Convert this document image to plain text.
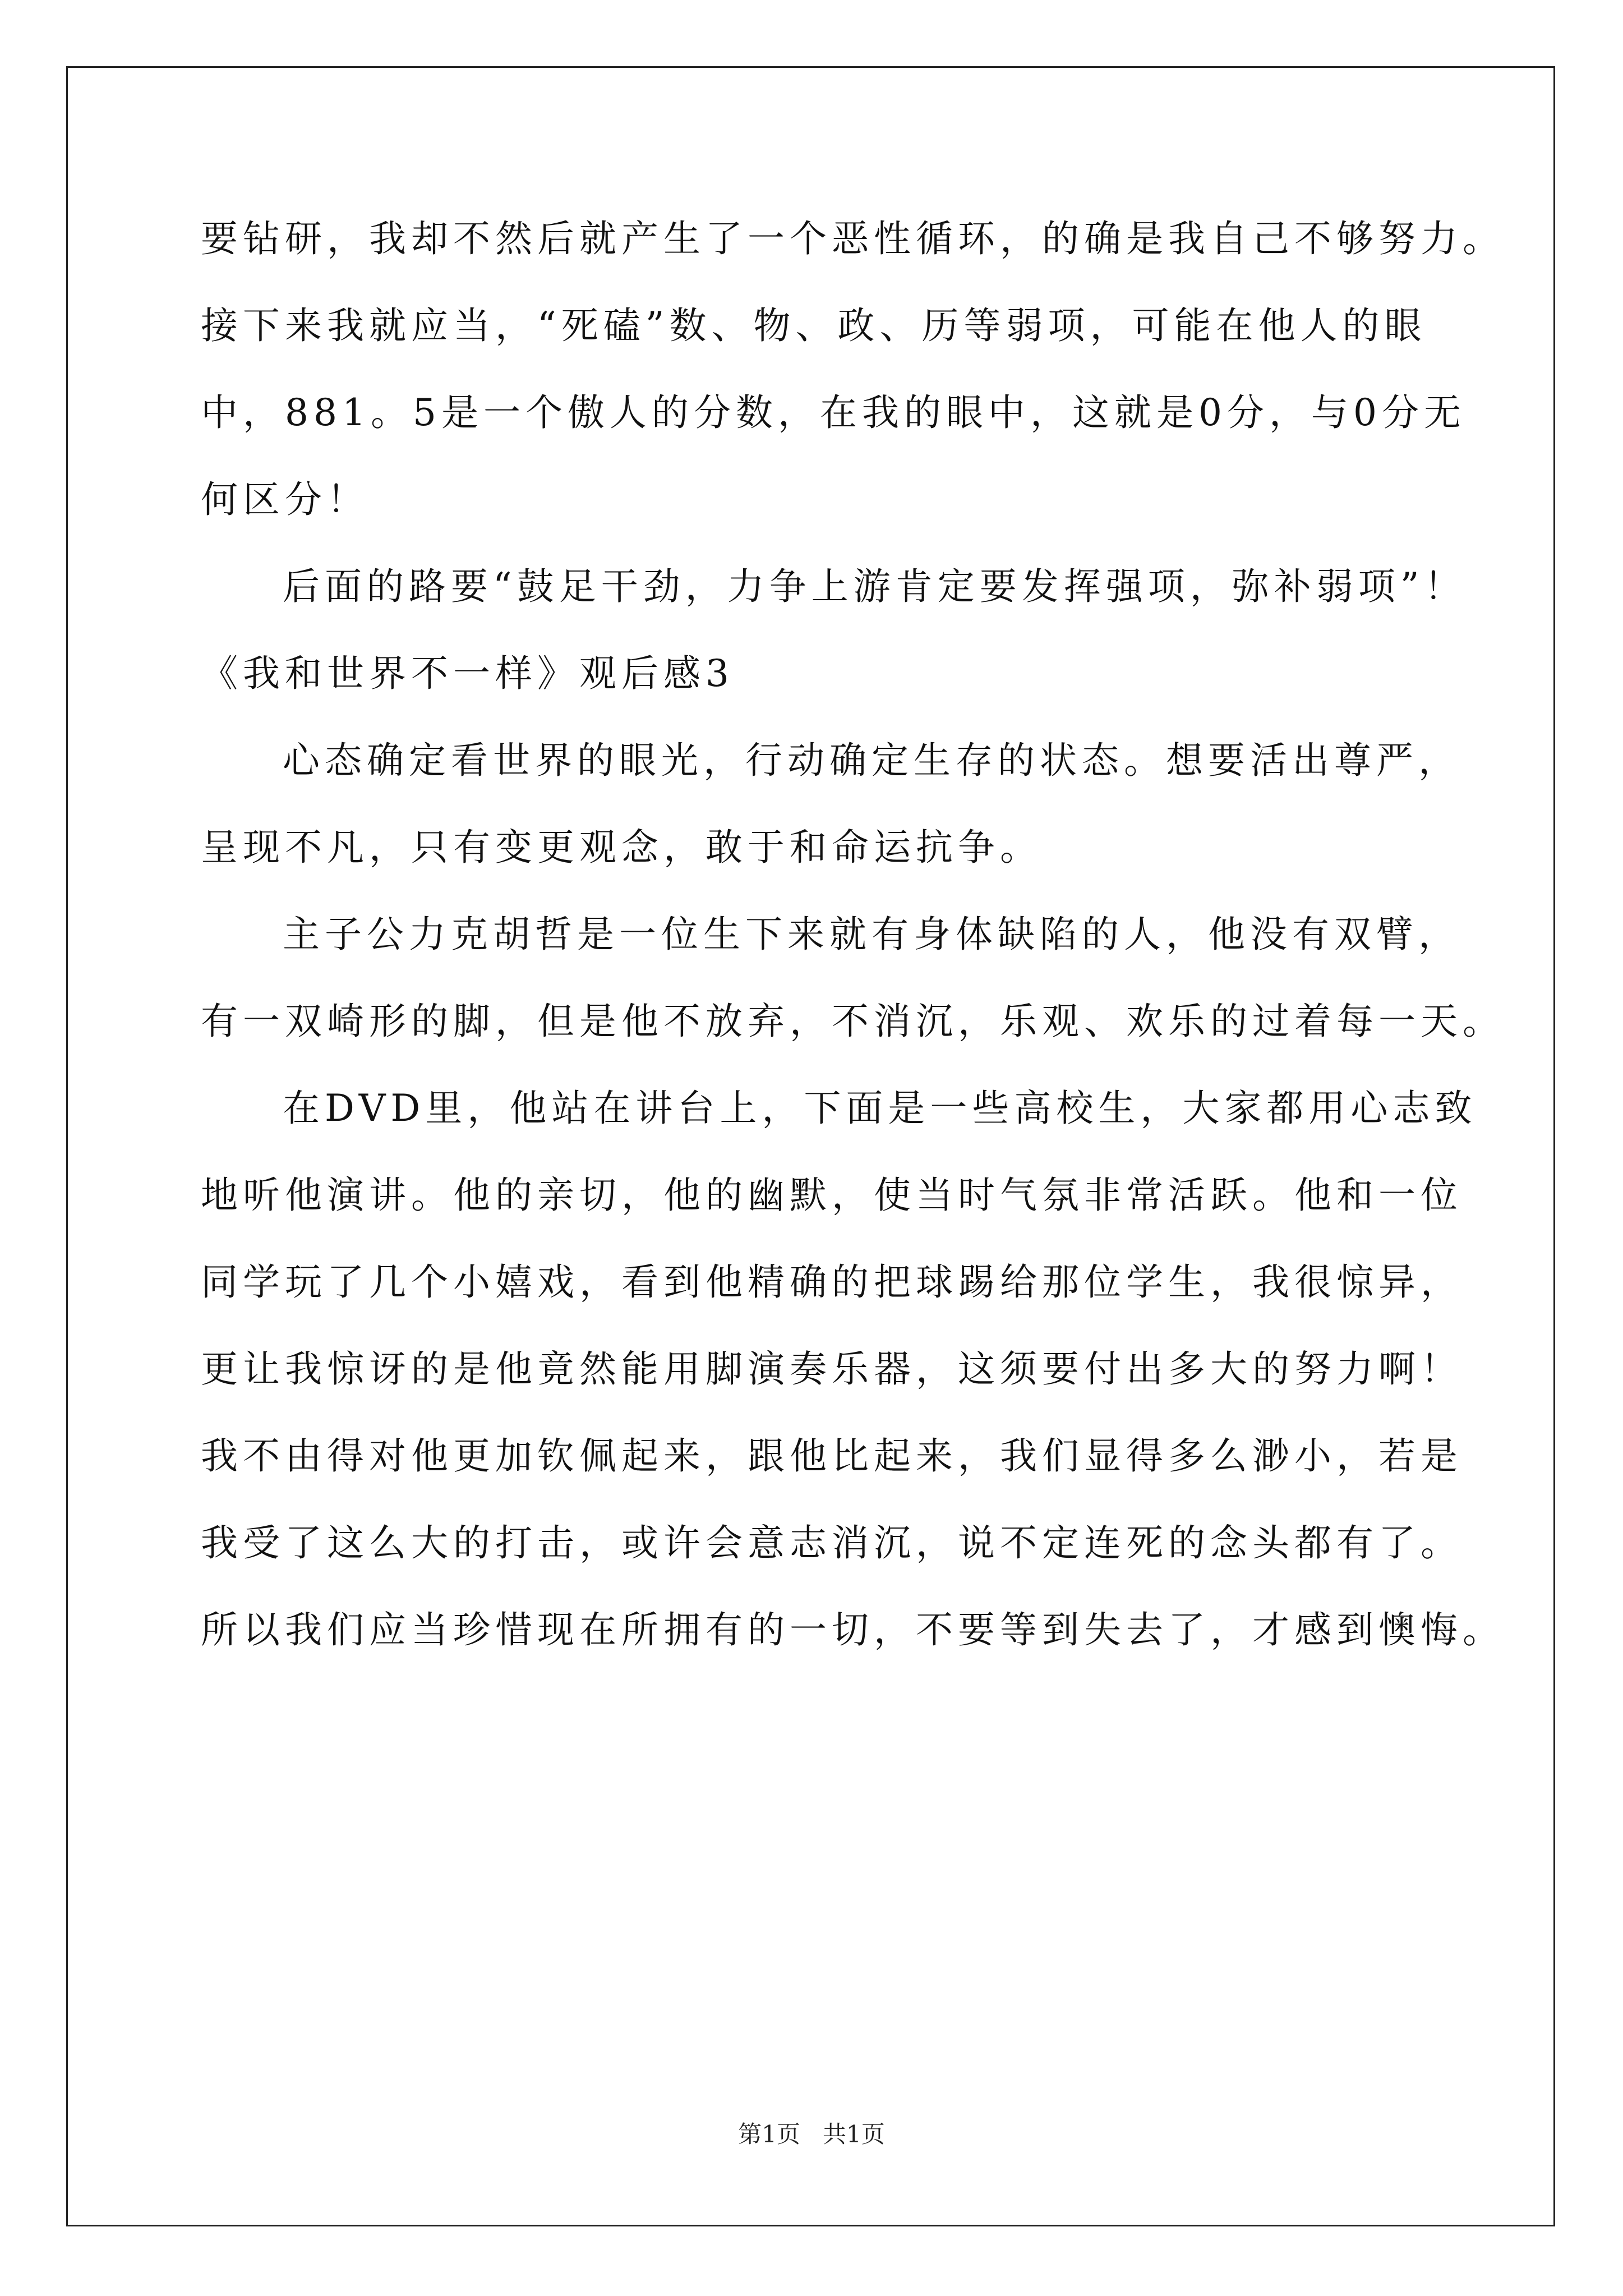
要钻研，我却不然后就产生了一个恶性循环，的确是我自己不够努力。
接下来我就应当，“死磕”数、物、政、历等弱项，可能在他人的眼
中，881。5是一个傲人的分数，在我的眼中，这就是0分，与0分无
何区分！
后面的路要“鼓足干劲，力争上游肯定要发挥强项，弥补弱项”！
《我和世界不一样》观后感3
心态确定看世界的眼光，行动确定生存的状态。想要活出尊严，
呈现不凡，只有变更观念，敢于和命运抗争。
主子公力克胡哲是一位生下来就有身体缺陷的人，他没有双臂，
有一双崎形的脚，但是他不放弃，不消沉，乐观、欢乐的过着每一天。
在DVD里，他站在讲台上，下面是一些高校生，大家都用心志致
地听他演讲。他的亲切，他的幽默，使当时气氛非常活跃。他和一位
同学玩了几个小嬉戏，看到他精确的把球踢给那位学生，我很惊异，
更让我惊讶的是他竟然能用脚演奏乐器，这须要付出多大的努力啊！
我不由得对他更加钦佩起来，跟他比起来，我们显得多么渺小，若是
我受了这么大的打击，或许会意志消沉，说不定连死的念头都有了。
所以我们应当珍惜现在所拥有的一切，不要等到失去了，才感到懊悔。
第1页 共1页
